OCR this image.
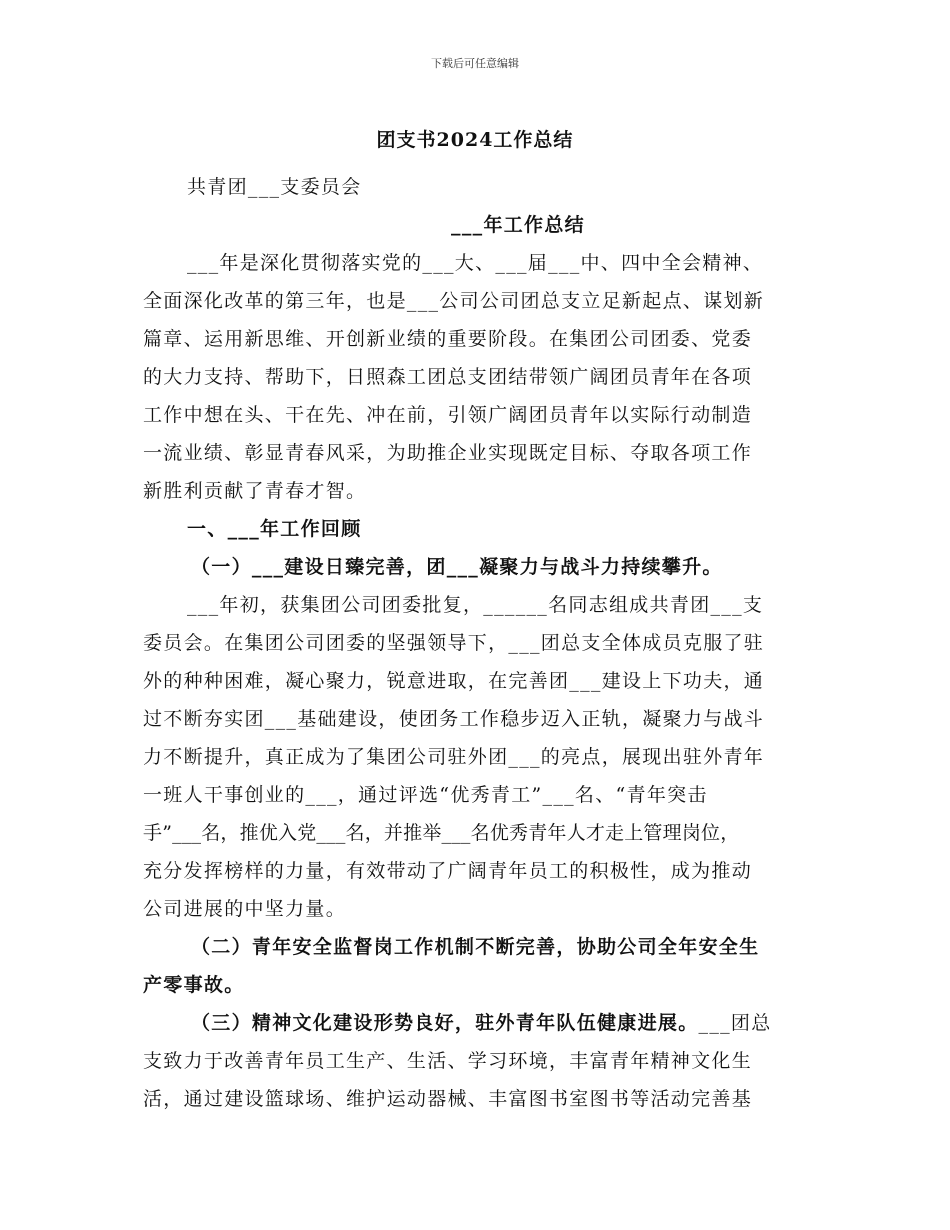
下载后可任意编辑
团支书2024工作总结
共青团___支委员会
___年工作总结
___年是深化贯彻落实党的___大、___届___中、四中全会精神、
全面深化改革的第三年，也是___公司公司团总支立足新起点、谋划新
篇章、运用新思维、开创新业绩的重要阶段。在集团公司团委、党委
的大力支持、帮助下，日照森工团总支团结带领广阔团员青年在各项
工作中想在头、干在先、冲在前，引领广阔团员青年以实际行动制造
一流业绩、彰显青春风采，为助推企业实现既定目标、夺取各项工作
新胜利贡献了青春才智。
一、___年工作回顾
（一）___建设日臻完善，团___凝聚力与战斗力持续攀升。
___年初，获集团公司团委批复，______名同志组成共青团___支
委员会。在集团公司团委的坚强领导下，___团总支全体成员克服了驻
外的种种困难，凝心聚力，锐意进取，在完善团___建设上下功夫，通
过不断夯实团___基础建设，使团务工作稳步迈入正轨，凝聚力与战斗
力不断提升，真正成为了集团公司驻外团___的亮点，展现出驻外青年
一班人干事创业的___，通过评选“优秀青工”___名、“青年突击
手”___名，推优入党___名，并推举___名优秀青年人才走上管理岗位，
充分发挥榜样的力量，有效带动了广阔青年员工的积极性，成为推动
公司进展的中坚力量。
（二）青年安全监督岗工作机制不断完善，协助公司全年安全生
产零事故。
（三）精神文化建设形势良好，驻外青年队伍健康进展。___团总
支致力于改善青年员工生产、生活、学习环境，丰富青年精神文化生
活，通过建设篮球场、维护运动器械、丰富图书室图书等活动完善基
